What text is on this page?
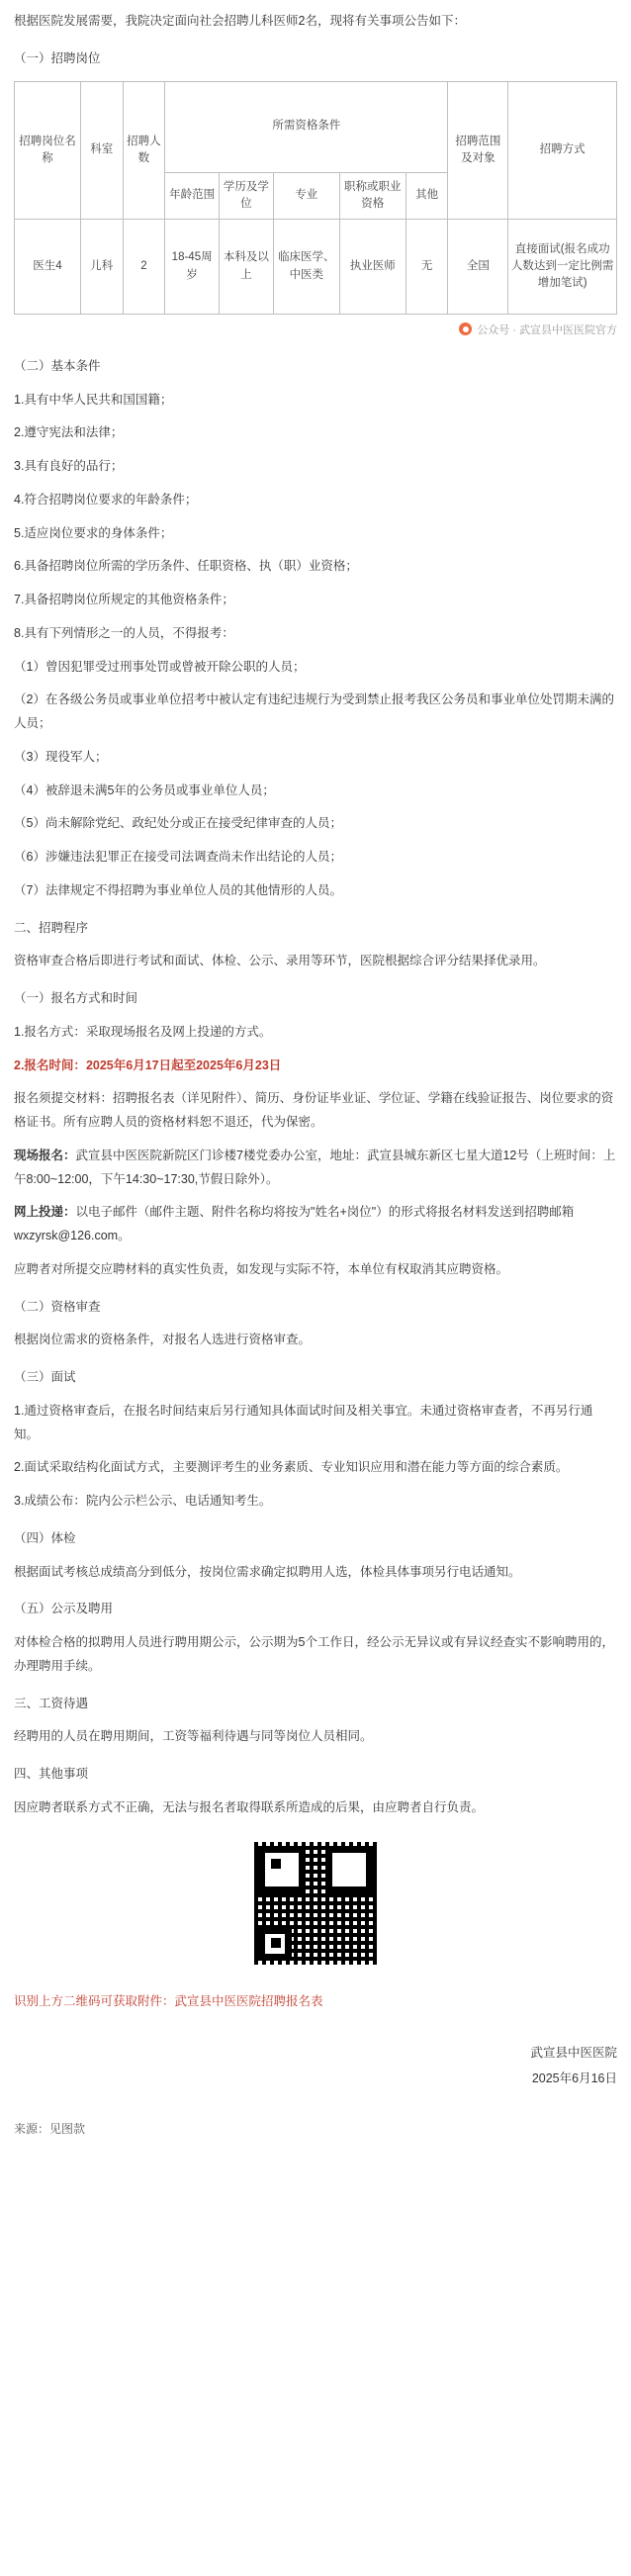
根据医院发展需要，我院决定面向社会招聘儿科医师2名，现将有关事项公告如下：

（一）招聘岗位

招聘岗位名称	科室	招聘人数	所需资格条件					招聘范围及对象	招聘方式
			年龄范围	学历及学位	专业	职称或职业资格	其他		
医生4	儿科	2	18-45周岁	本科及以上	临床医学、中医类	执业医师	无	全国	直接面试(报名成功人数达到一定比例需增加笔试)
公众号 · 武宣县中医医院官方

（二）基本条件

1.具有中华人民共和国国籍；

2.遵守宪法和法律；

3.具有良好的品行；

4.符合招聘岗位要求的年龄条件；

5.适应岗位要求的身体条件；

6.具备招聘岗位所需的学历条件、任职资格、执（职）业资格；

7.具备招聘岗位所规定的其他资格条件；

8.具有下列情形之一的人员，不得报考：

（1）曾因犯罪受过刑事处罚或曾被开除公职的人员；

（2）在各级公务员或事业单位招考中被认定有违纪违规行为受到禁止报考我区公务员和事业单位处罚期未满的人员；

（3）现役军人；

（4）被辞退未满5年的公务员或事业单位人员；

（5）尚未解除党纪、政纪处分或正在接受纪律审查的人员；

（6）涉嫌违法犯罪正在接受司法调查尚未作出结论的人员；

（7）法律规定不得招聘为事业单位人员的其他情形的人员。

二、招聘程序

资格审查合格后即进行考试和面试、体检、公示、录用等环节，医院根据综合评分结果择优录用。

（一）报名方式和时间

1.报名方式：采取现场报名及网上投递的方式。

2.报名时间：2025年6月17日起至2025年6月23日

报名须提交材料：招聘报名表（详见附件）、简历、身份证毕业证、学位证、学籍在线验证报告、岗位要求的资格证书。所有应聘人员的资格材料恕不退还，代为保密。

现场报名：武宣县中医医院新院区门诊楼7楼党委办公室，地址：武宣县城东新区七星大道12号（上班时间：上午8:00~12:00，下午14:30~17:30,节假日除外）。

网上投递：以电子邮件（邮件主题、附件名称均将按为"姓名+岗位"）的形式将报名材料发送到招聘邮箱wxzyrsk@126.com。

应聘者对所提交应聘材料的真实性负责，如发现与实际不符，本单位有权取消其应聘资格。

（二）资格审查

根据岗位需求的资格条件，对报名人选进行资格审查。

（三）面试

1.通过资格审查后，在报名时间结束后另行通知具体面试时间及相关事宜。未通过资格审查者，不再另行通知。

2.面试采取结构化面试方式，主要测评考生的业务素质、专业知识应用和潜在能力等方面的综合素质。

3.成绩公布：院内公示栏公示、电话通知考生。

（四）体检

根据面试考核总成绩高分到低分，按岗位需求确定拟聘用人选，体检具体事项另行电话通知。

（五）公示及聘用

对体检合格的拟聘用人员进行聘用期公示，公示期为5个工作日，经公示无异议或有异议经查实不影响聘用的，办理聘用手续。

三、工资待遇

经聘用的人员在聘用期间，工资等福利待遇与同等岗位人员相同。

四、其他事项

因应聘者联系方式不正确，无法与报名者取得联系所造成的后果，由应聘者自行负责。

识别上方二维码可获取附件：武宣县中医医院招聘报名表

武宣县中医医院
2025年6月16日

来源：见图款
